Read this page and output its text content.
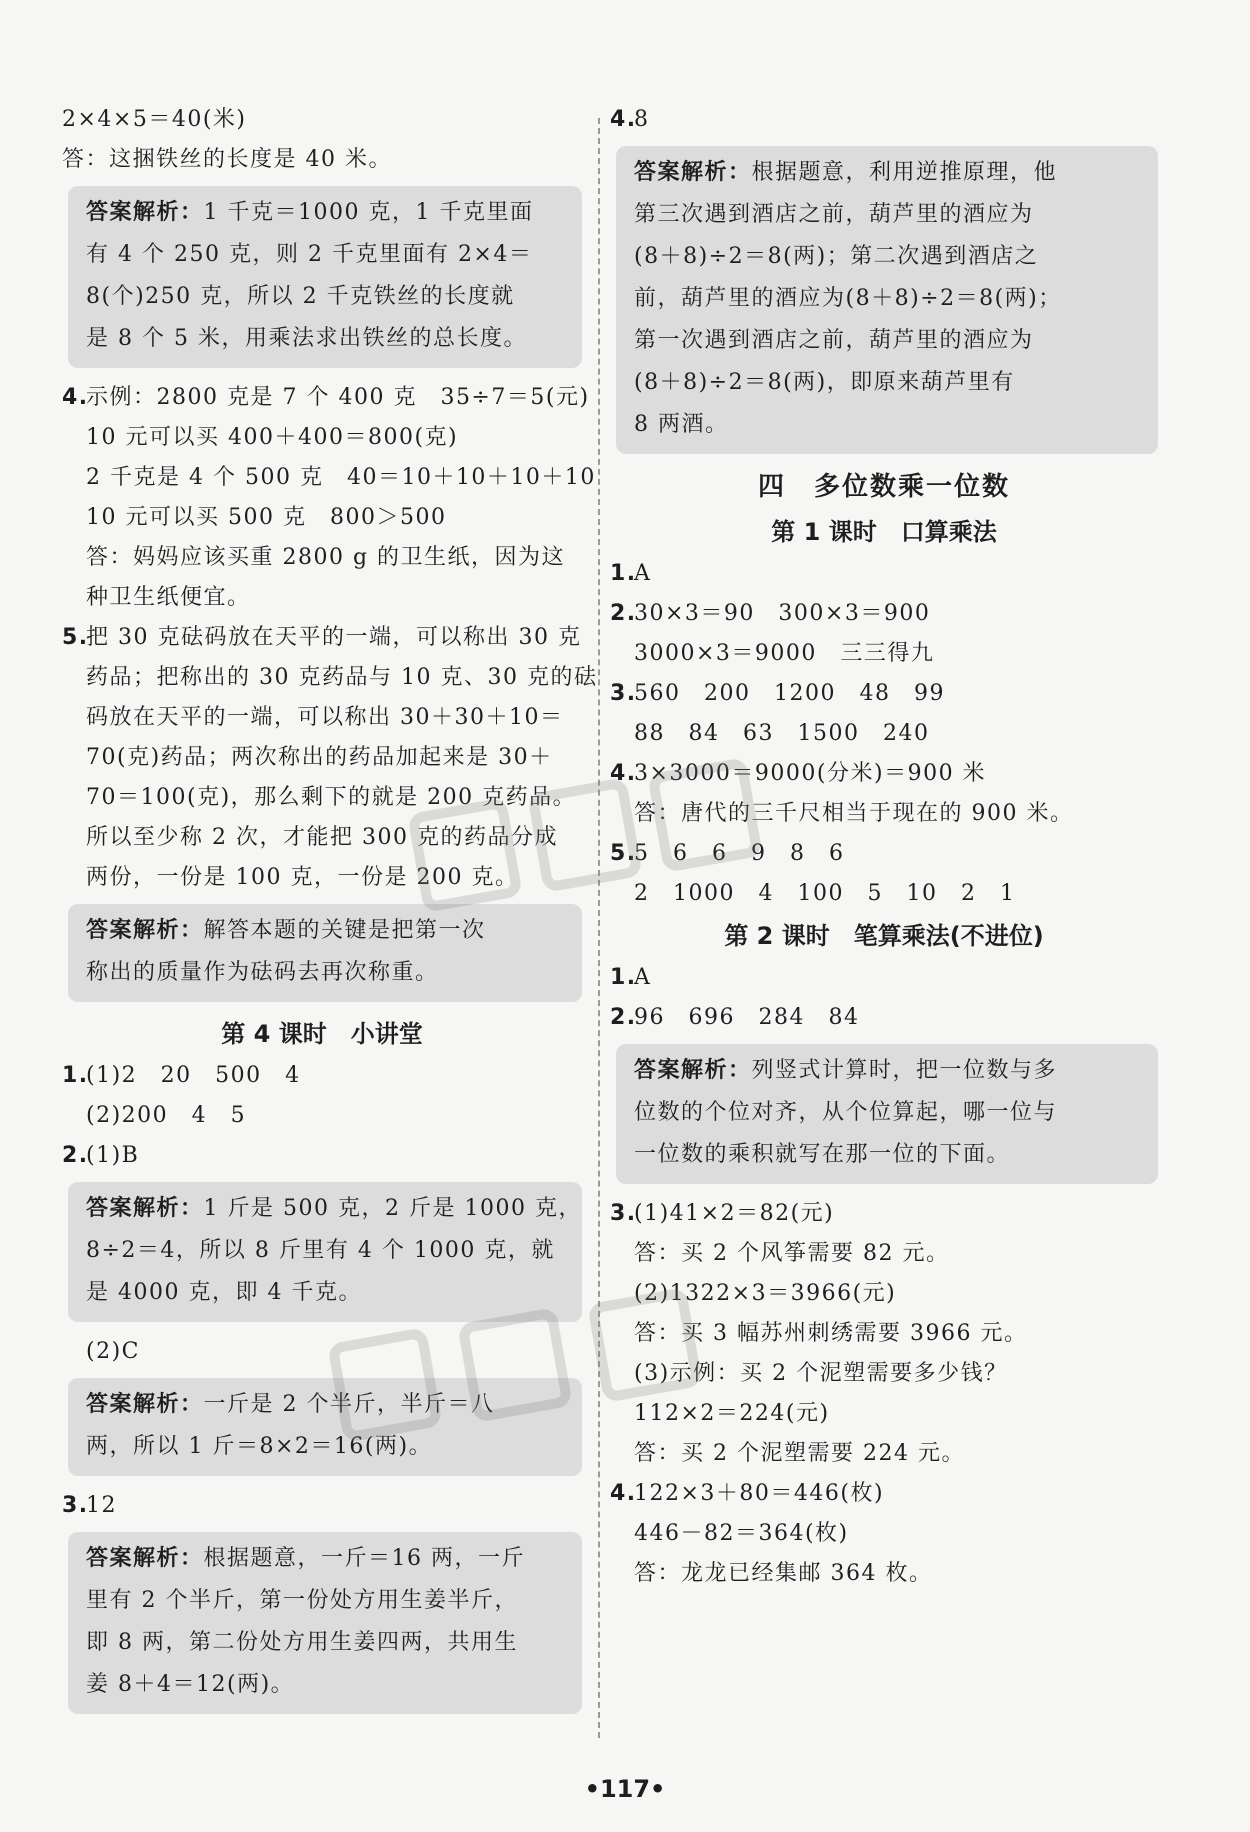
2×4×5＝40(米)
答：这捆铁丝的长度是 40 米。
答案解析：1 千克＝1000 克，1 千克里面
有 4 个 250 克，则 2 千克里面有 2×4＝
8(个)250 克，所以 2 千克铁丝的长度就
是 8 个 5 米，用乘法求出铁丝的总长度。
4.示例：2800 克是 7 个 400 克　35÷7＝5(元)
10 元可以买 400＋400＝800(克)
2 千克是 4 个 500 克　40＝10＋10＋10＋10
10 元可以买 500 克　800＞500
答：妈妈应该买重 2800 g 的卫生纸，因为这
种卫生纸便宜。
5.把 30 克砝码放在天平的一端，可以称出 30 克
药品；把称出的 30 克药品与 10 克、30 克的砝
码放在天平的一端，可以称出 30＋30＋10＝
70(克)药品；两次称出的药品加起来是 30＋
70＝100(克)，那么剩下的就是 200 克药品。
所以至少称 2 次，才能把 300 克的药品分成
两份，一份是 100 克，一份是 200 克。
答案解析：解答本题的关键是把第一次
称出的质量作为砝码去再次称重。
第 4 课时　小讲堂
1.(1)2　20　500　4
(2)200　4　5
2.(1)B
答案解析：1 斤是 500 克，2 斤是 1000 克，
8÷2＝4，所以 8 斤里有 4 个 1000 克，就
是 4000 克，即 4 千克。
(2)C
答案解析：一斤是 2 个半斤，半斤＝八
两，所以 1 斤＝8×2＝16(两)。
3.12
答案解析：根据题意，一斤＝16 两，一斤
里有 2 个半斤，第一份处方用生姜半斤，
即 8 两，第二份处方用生姜四两，共用生
姜 8＋4＝12(两)。
4.8
答案解析：根据题意，利用逆推原理，他
第三次遇到酒店之前，葫芦里的酒应为
(8＋8)÷2＝8(两)；第二次遇到酒店之
前，葫芦里的酒应为(8＋8)÷2＝8(两)；
第一次遇到酒店之前，葫芦里的酒应为
(8＋8)÷2＝8(两)，即原来葫芦里有
8 两酒。
四　多位数乘一位数
第 1 课时　口算乘法
1.A
2.30×3＝90　300×3＝900
3000×3＝9000　三三得九
3.560　200　1200　48　99
88　84　63　1500　240
4.3×3000＝9000(分米)＝900 米
答：唐代的三千尺相当于现在的 900 米。
5.5　6　6　9　8　6
2　1000　4　100　5　10　2　1
第 2 课时　笔算乘法(不进位)
1.A
2.96　696　284　84
答案解析：列竖式计算时，把一位数与多
位数的个位对齐，从个位算起，哪一位与
一位数的乘积就写在那一位的下面。
3.(1)41×2＝82(元)
答：买 2 个风筝需要 82 元。
(2)1322×3＝3966(元)
答：买 3 幅苏州刺绣需要 3966 元。
(3)示例：买 2 个泥塑需要多少钱？
112×2＝224(元)
答：买 2 个泥塑需要 224 元。
4.122×3＋80＝446(枚)
446－82＝364(枚)
答：龙龙已经集邮 364 枚。
•117•
